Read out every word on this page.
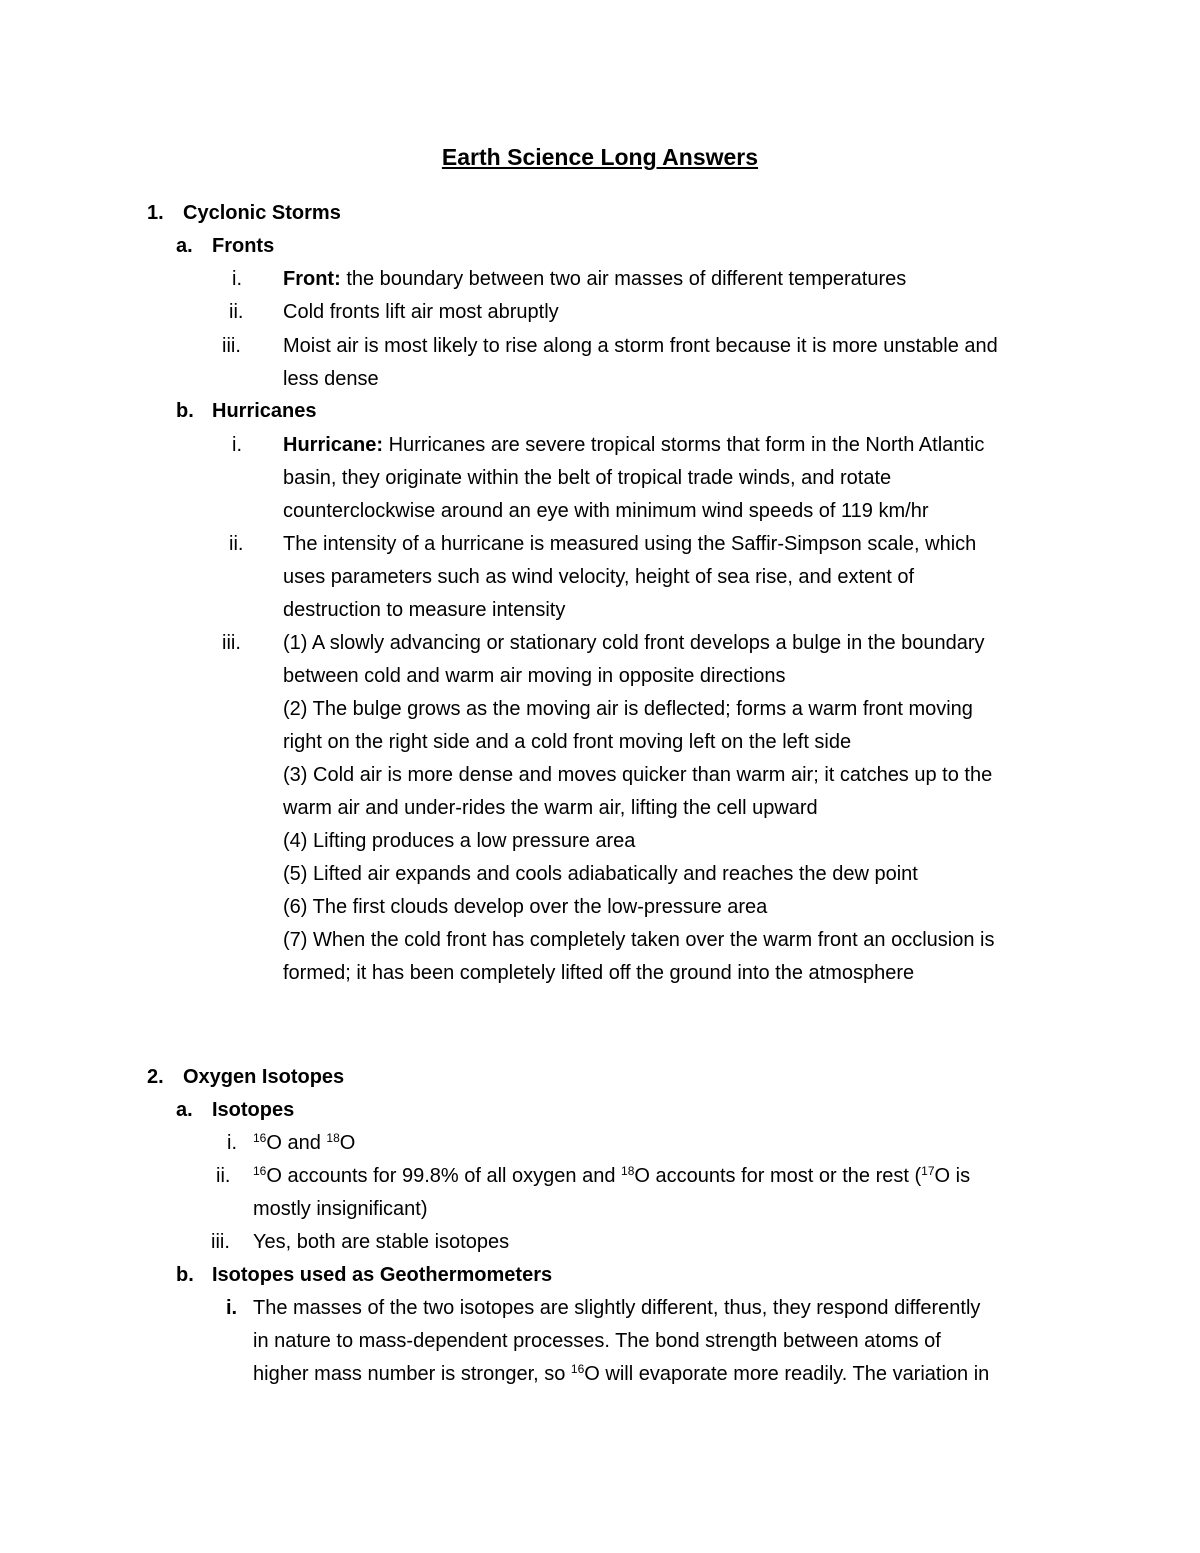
Earth Science Long Answers
1. Cyclonic Storms
a. Fronts
i. Front: the boundary between two air masses of different temperatures
ii. Cold fronts lift air most abruptly
iii. Moist air is most likely to rise along a storm front because it is more unstable and
less dense
b. Hurricanes
i. Hurricane: Hurricanes are severe tropical storms that form in the North Atlantic
basin, they originate within the belt of tropical trade winds, and rotate
counterclockwise around an eye with minimum wind speeds of 119 km/hr
ii. The intensity of a hurricane is measured using the Saffir-Simpson scale, which
uses parameters such as wind velocity, height of sea rise, and extent of
destruction to measure intensity
iii. (1) A slowly advancing or stationary cold front develops a bulge in the boundary
between cold and warm air moving in opposite directions
(2) The bulge grows as the moving air is deflected; forms a warm front moving
right on the right side and a cold front moving left on the left side
(3) Cold air is more dense and moves quicker than warm air; it catches up to the
warm air and under-rides the warm air, lifting the cell upward
(4) Lifting produces a low pressure area
(5) Lifted air expands and cools adiabatically and reaches the dew point
(6) The first clouds develop over the low-pressure area
(7) When the cold front has completely taken over the warm front an occlusion is
formed; it has been completely lifted off the ground into the atmosphere
2. Oxygen Isotopes
a. Isotopes
i. $^{16}$O and $^{18}$O
ii. $^{16}$O accounts for 99.8% of all oxygen and $^{18}$O accounts for most or the rest ($^{17}$O is
mostly insignificant)
iii. Yes, both are stable isotopes
b. Isotopes used as Geothermometers
i. The masses of the two isotopes are slightly different, thus, they respond differently
in nature to mass-dependent processes. The bond strength between atoms of
higher mass number is stronger, so $^{16}$O will evaporate more readily. The variation in
